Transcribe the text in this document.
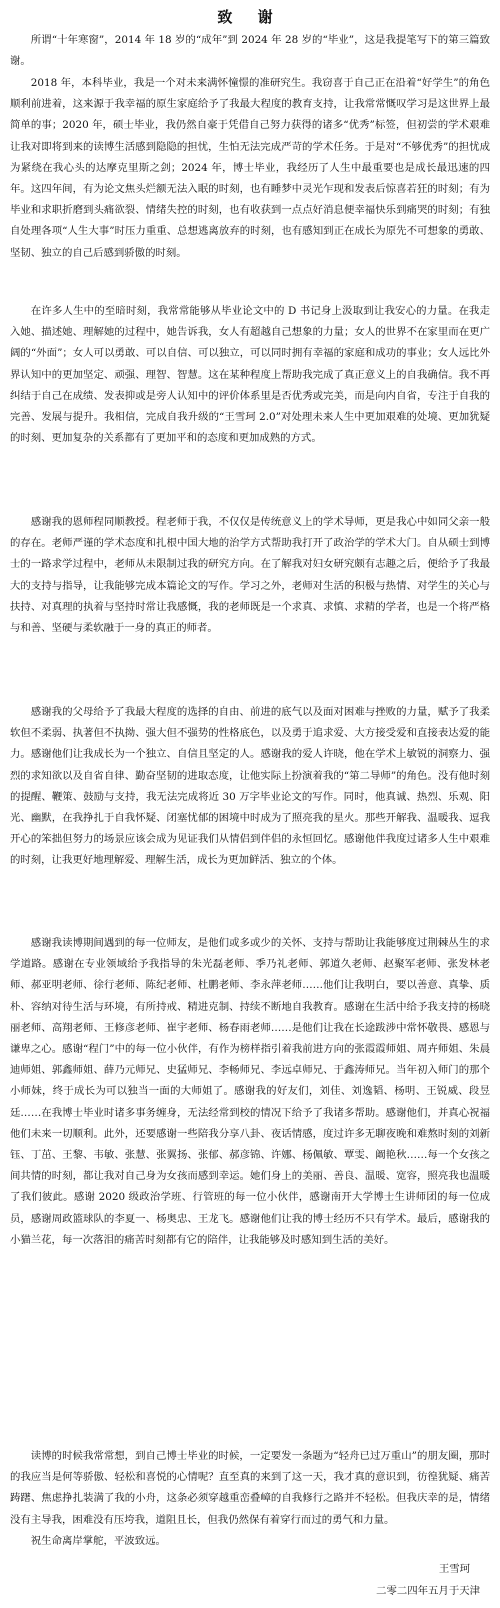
致 谢

所谓“十年寒窗”，2014 年 18 岁的“成年”到 2024 年 28 岁的“毕业”，这是我提笔写下的第三篇致谢。

2018 年，本科毕业，我是一个对未来满怀憧憬的准研究生。我窃喜于自己正在沿着“好学生”的角色顺利前进着，这来源于我幸福的原生家庭给予了我最大程度的教育支持，让我常常慨叹学习是这世界上最简单的事；2020 年，硕士毕业，我仍然自豪于凭借自己努力获得的诸多“优秀”标签，但初尝的学术艰难让我对即将到来的读博生活感到隐隐的担忧，生怕无法完成严苛的学术任务。于是对“不够优秀”的担忧成为紧绕在我心头的达摩克里斯之剑；2024 年，博士毕业，我经历了人生中最重要也是成长最迅速的四年。这四年间，有为论文焦头烂额无法入眠的时刻，也有睡梦中灵光乍现和发表后惊喜若狂的时刻；有为毕业和求职折磨到头痛欲裂、情绪失控的时刻，也有收获到一点点好消息便幸福快乐到痛哭的时刻；有独自处理各项“人生大事”时压力重重、总想逃离放弃的时刻，也有感知到正在成长为原先不可想象的勇敢、坚韧、独立的自己后感到骄傲的时刻。

在许多人生中的至暗时刻，我常常能够从毕业论文中的 D 书记身上汲取到让我安心的力量。在我走入她、描述她、理解她的过程中，她告诉我，女人有超越自己想象的力量；女人的世界不在家里而在更广阔的“外面”；女人可以勇敢、可以自信、可以独立，可以同时拥有幸福的家庭和成功的事业；女人远比外界认知中的更加坚定、顽强、理智、智慧。这在某种程度上帮助我完成了真正意义上的自我确信。我不再纠结于自己在成绩、发表抑或是旁人认知中的评价体系里是否优秀或完美，而是向内自省，专注于自我的完善、发展与提升。我相信，完成自我升级的“王雪珂 2.0”对处理未来人生中更加艰难的处境、更加犹疑的时刻、更加复杂的关系都有了更加平和的态度和更加成熟的方式。

感谢我的恩师程同顺教授。程老师于我，不仅仅是传统意义上的学术导师，更是我心中如同父亲一般的存在。老师严谨的学术态度和扎根中国大地的治学方式帮助我打开了政治学的学术大门。自从硕士到博士的一路求学过程中，老师从未限制过我的研究方向。在了解我对妇女研究颇有志趣之后，便给予了我最大的支持与指导，让我能够完成本篇论文的写作。学习之外，老师对生活的积极与热情、对学生的关心与扶持、对真理的执着与坚持时常让我感慨，我的老师既是一个求真、求慎、求精的学者，也是一个将严格与和善、坚硬与柔软融于一身的真正的师者。

感谢我的父母给予了我最大程度的选择的自由、前进的底气以及面对困难与挫败的力量，赋予了我柔软但不柔弱、执著但不执拗、强大但不强势的性格底色，以及勇于追求爱、大方接受爱和直接表达爱的能力。感谢他们让我成长为一个独立、自信且坚定的人。感谢我的爱人许晓，他在学术上敏锐的洞察力、强烈的求知欲以及自省自律、勤奋坚韧的进取态度，让他实际上扮演着我的“第二导师”的角色。没有他时刻的提醒、鞭策、鼓励与支持，我无法完成将近 30 万字毕业论文的写作。同时，他真诚、热烈、乐观、阳光、幽默，在我挣扎于自我怀疑、闭塞忧郁的困境中时成为了照亮我的星火。那些开解我、温暖我、逗我开心的笨拙但努力的场景应该会成为见证我们从情侣到伴侣的永恒回忆。感谢他伴我度过诸多人生中艰难的时刻，让我更好地理解爱、理解生活，成长为更加鲜活、独立的个体。

感谢我读博期间遇到的每一位师友，是他们或多或少的关怀、支持与帮助让我能够度过荆棘丛生的求学道路。感谢在专业领域给予我指导的朱光磊老师、季乃礼老师、郭道久老师、赵聚军老师、张发林老师、郝亚明老师、徐行老师、陈纪老师、杜鹏老师、李永萍老师……他们让我明白，要以善意、真挚、质朴、容纳对待生活与环境，有所持戒、精进克制、持续不断地自我教育。感谢在生活中给予我支持的杨晓丽老师、高翔老师、王修彦老师、崔宇老师、杨春雨老师……是他们让我在长途跋涉中常怀敬畏、感恩与谦卑之心。感谢“程门”中的每一位小伙伴，有作为榜样指引着我前进方向的张霞霞师姐、周卉师姐、朱晨迪师姐、郭鑫师姐、薛乃元师兄、史猛师兄、李畅师兄、李远卓师兄、于鑫涛师兄。当年初入师门的那个小师妹，终于成长为可以独当一面的大师姐了。感谢我的好友们，刘佳、刘逸韬、杨明、王锐威、段昱廷……在我博士毕业时诸多事务缠身，无法经常到校的情况下给予了我诸多帮助。感谢他们，并真心祝福他们未来一切顺利。此外，还要感谢一些陪我分享八卦、夜话情感，度过许多无聊夜晚和难熬时刻的刘新钰、丁茁、王黎、韦敏、张慧、张翼扬、张郁、郝彦锦、许娜、杨佩敏、覃雯、阚艳秋……每一个女孩之间共情的时刻，都让我对自己身为女孩而感到幸运。她们身上的美丽、善良、温暖、宽容，照亮我也温暖了我们彼此。感谢 2020 级政治学班、行管班的每一位小伙伴，感谢南开大学博士生讲师团的每一位成员，感谢周政篮球队的李夏一、杨奥忠、王龙飞。感谢他们让我的博士经历不只有学术。最后，感谢我的小猫兰花，每一次落泪的痛苦时刻都有它的陪伴，让我能够及时感知到生活的美好。

读博的时候我常常想，到自己博士毕业的时候，一定要发一条题为“轻舟已过万重山”的朋友圈，那时的我应当是何等骄傲、轻松和喜悦的心情呢？直至真的来到了这一天，我才真的意识到，彷徨犹疑、痛苦踌躇、焦虑挣扎装满了我的小舟，这条必须穿越重峦叠嶂的自我修行之路并不轻松。但我庆幸的是，情绪没有主导我，困难没有压垮我，道阻且长，但我仍然保有着穿行而过的勇气和力量。

祝生命离岸掌舵，平波致远。

王雪珂
二零二四年五月于天津
